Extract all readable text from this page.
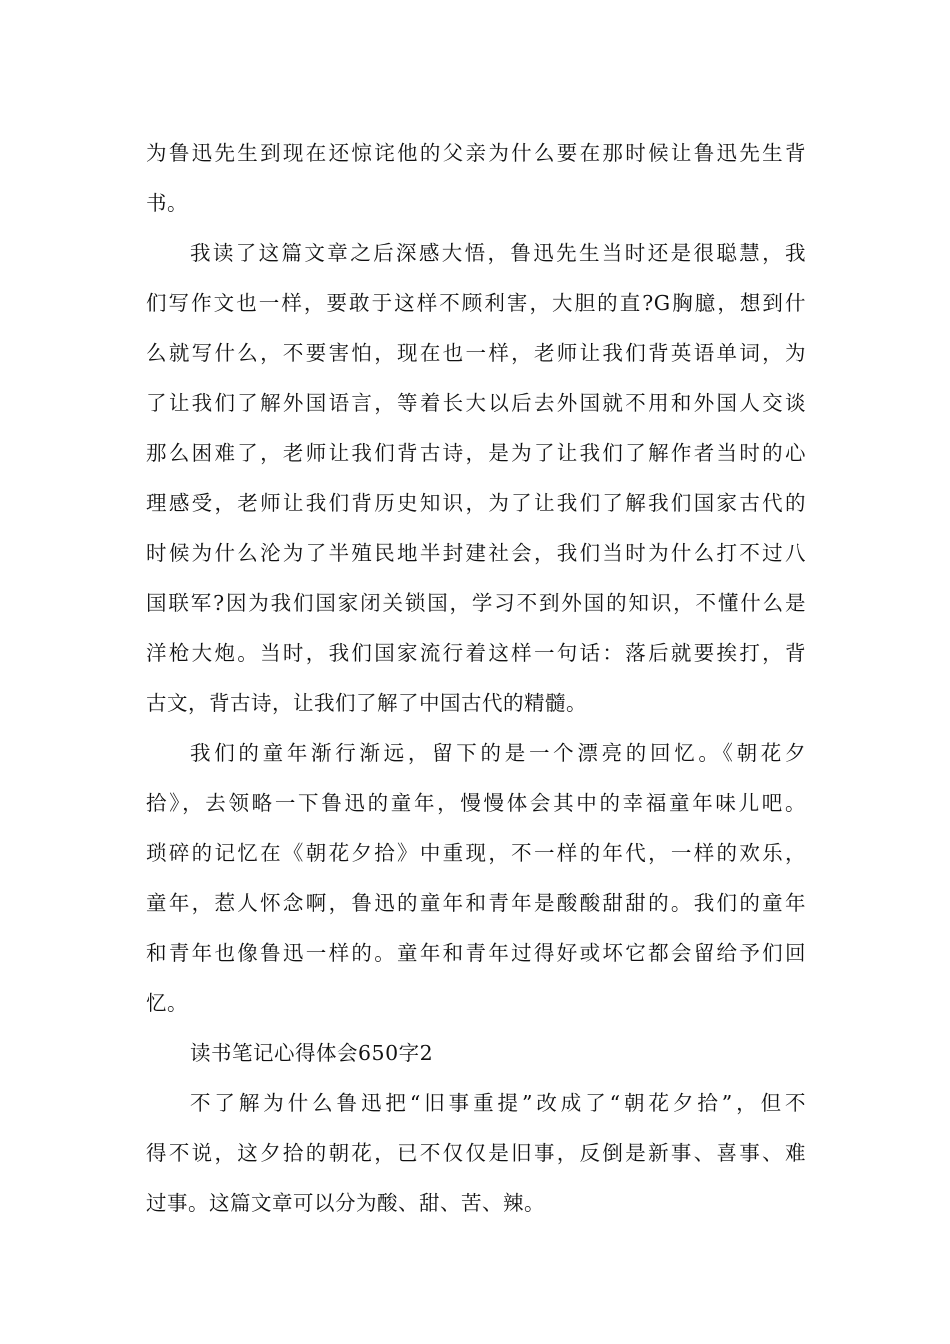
为鲁迅先生到现在还惊诧他的父亲为什么要在那时候让鲁迅先生背
书。
我读了这篇文章之后深感大悟，鲁迅先生当时还是很聪慧，我
们写作文也一样，要敢于这样不顾利害，大胆的直?G胸臆，想到什
么就写什么，不要害怕，现在也一样，老师让我们背英语单词，为
了让我们了解外国语言，等着长大以后去外国就不用和外国人交谈
那么困难了，老师让我们背古诗，是为了让我们了解作者当时的心
理感受，老师让我们背历史知识，为了让我们了解我们国家古代的
时候为什么沦为了半殖民地半封建社会，我们当时为什么打不过八
国联军?因为我们国家闭关锁国，学习不到外国的知识，不懂什么是
洋枪大炮。当时，我们国家流行着这样一句话：落后就要挨打，背
古文，背古诗，让我们了解了中国古代的精髓。
我们的童年渐行渐远，留下的是一个漂亮的回忆。《朝花夕
拾》，去领略一下鲁迅的童年，慢慢体会其中的幸福童年味儿吧。
琐碎的记忆在《朝花夕拾》中重现，不一样的年代，一样的欢乐，
童年，惹人怀念啊，鲁迅的童年和青年是酸酸甜甜的。我们的童年
和青年也像鲁迅一样的。童年和青年过得好或坏它都会留给予们回
忆。
读书笔记心得体会650字2
不了解为什么鲁迅把“旧事重提”改成了“朝花夕拾”，但不
得不说，这夕拾的朝花，已不仅仅是旧事，反倒是新事、喜事、难
过事。这篇文章可以分为酸、甜、苦、辣。
